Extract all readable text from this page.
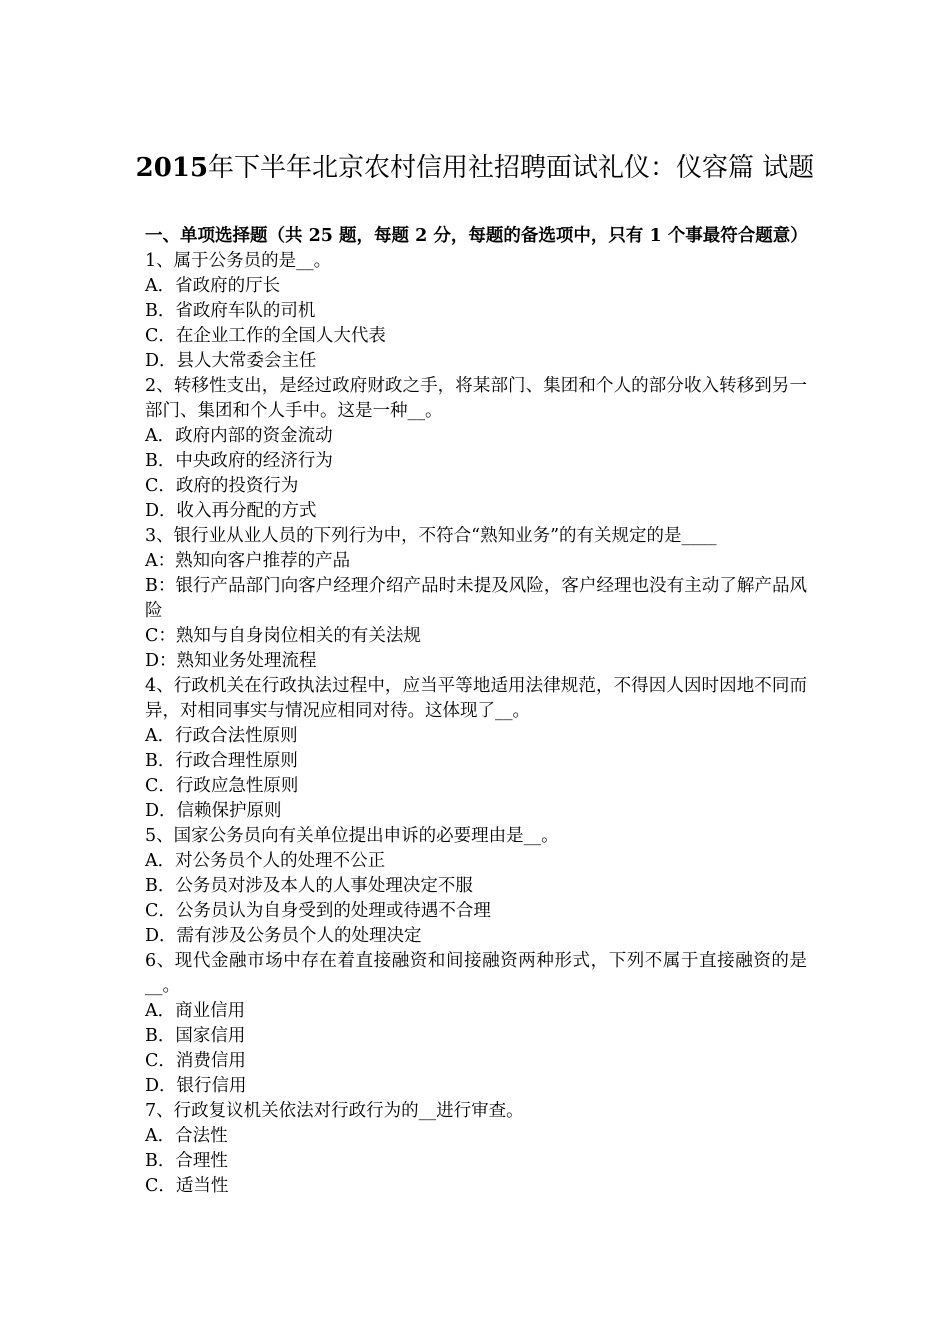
2015年下半年北京农村信用社招聘面试礼仪：仪容篇 试题
一、单项选择题（共 25 题，每题 2 分，每题的备选项中，只有 1 个事最符合题意）
1、属于公务员的是__。
A．省政府的厅长
B．省政府车队的司机
C．在企业工作的全国人大代表
D．县人大常委会主任
2、转移性支出，是经过政府财政之手，将某部门、集团和个人的部分收入转移到另一部门、集团和个人手中。这是一种__。
A．政府内部的资金流动
B．中央政府的经济行为
C．政府的投资行为
D．收入再分配的方式
3、银行业从业人员的下列行为中，不符合“熟知业务”的有关规定的是____
A：熟知向客户推荐的产品
B：银行产品部门向客户经理介绍产品时未提及风险，客户经理也没有主动了解产品风险
C：熟知与自身岗位相关的有关法规
D：熟知业务处理流程
4、行政机关在行政执法过程中，应当平等地适用法律规范，不得因人因时因地不同而异，对相同事实与情况应相同对待。这体现了__。
A．行政合法性原则
B．行政合理性原则
C．行政应急性原则
D．信赖保护原则
5、国家公务员向有关单位提出申诉的必要理由是__。
A．对公务员个人的处理不公正
B．公务员对涉及本人的人事处理决定不服
C．公务员认为自身受到的处理或待遇不合理
D．需有涉及公务员个人的处理决定
6、现代金融市场中存在着直接融资和间接融资两种形式，下列不属于直接融资的是__。
A．商业信用
B．国家信用
C．消费信用
D．银行信用
7、行政复议机关依法对行政行为的__进行审查。
A．合法性
B．合理性
C．适当性
